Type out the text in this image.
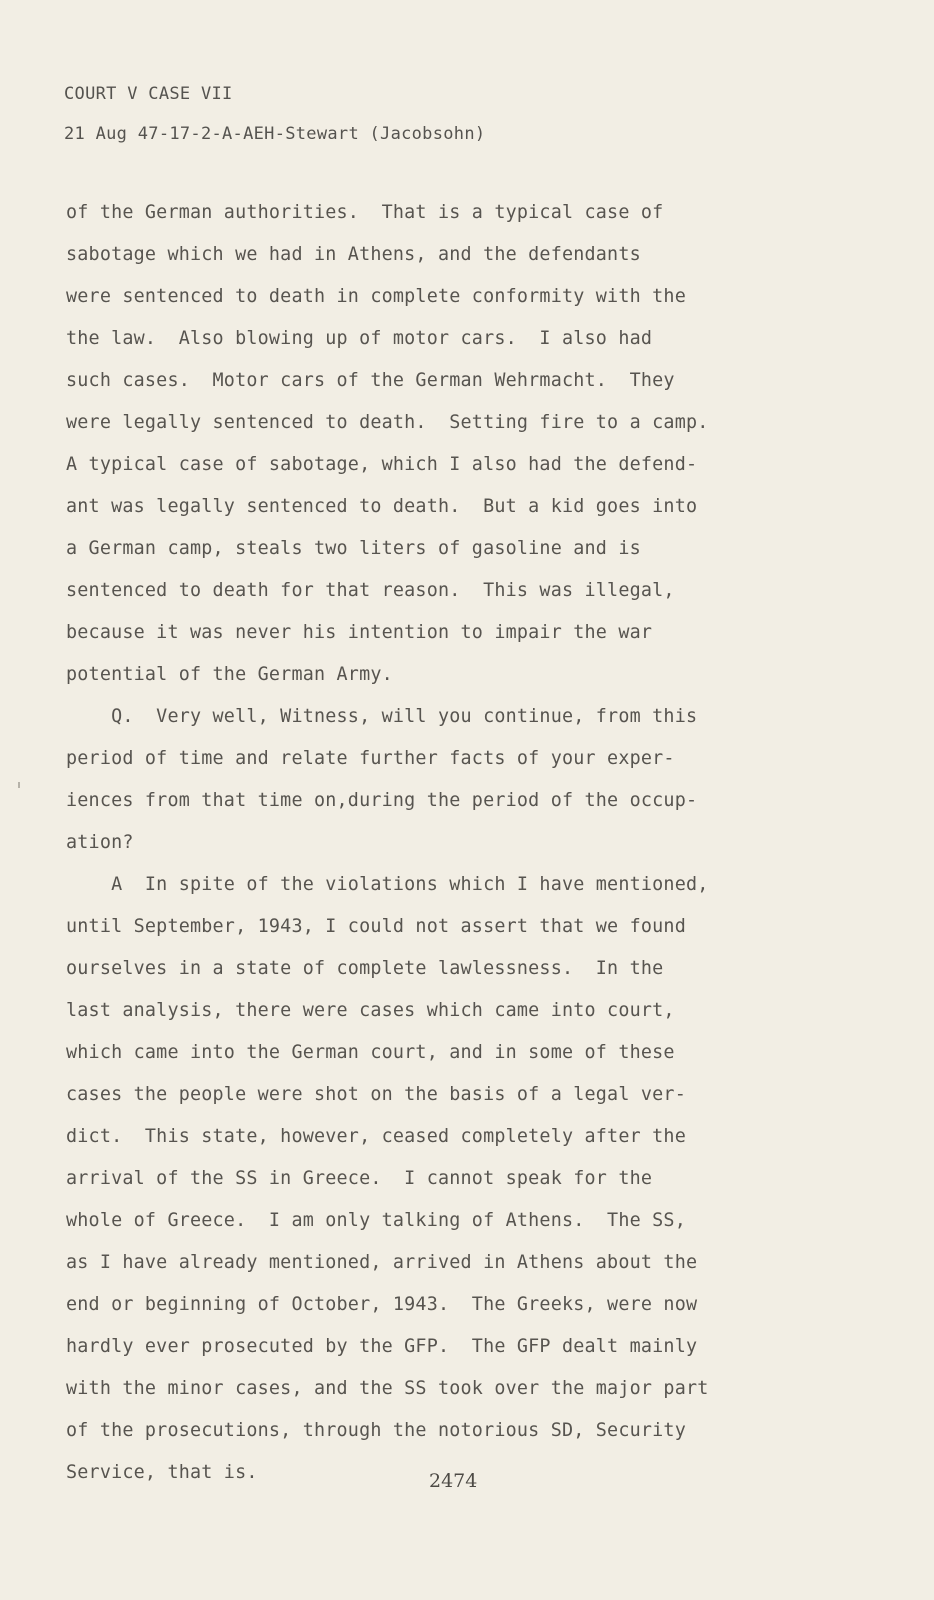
COURT V CASE VII
21 Aug 47-17-2-A-AEH-Stewart (Jacobsohn)
of the German authorities.  That is a typical case of
sabotage which we had in Athens, and the defendants
were sentenced to death in complete conformity with the
the law.  Also blowing up of motor cars.  I also had
such cases.  Motor cars of the German Wehrmacht.  They
were legally sentenced to death.  Setting fire to a camp.
A typical case of sabotage, which I also had the defend-
ant was legally sentenced to death.  But a kid goes into
a German camp, steals two liters of gasoline and is
sentenced to death for that reason.  This was illegal,
because it was never his intention to impair the war
potential of the German Army.
Q.  Very well, Witness, will you continue, from this
period of time and relate further facts of your exper-
iences from that time on,during the period of the occup-
ation?
A  In spite of the violations which I have mentioned,
until September, 1943, I could not assert that we found
ourselves in a state of complete lawlessness.  In the
last analysis, there were cases which came into court,
which came into the German court, and in some of these
cases the people were shot on the basis of a legal ver-
dict.  This state, however, ceased completely after the
arrival of the SS in Greece.  I cannot speak for the
whole of Greece.  I am only talking of Athens.  The SS,
as I have already mentioned, arrived in Athens about the
end or beginning of October, 1943.  The Greeks, were now
hardly ever prosecuted by the GFP.  The GFP dealt mainly
with the minor cases, and the SS took over the major part
of the prosecutions, through the notorious SD, Security
Service, that is.	2474
